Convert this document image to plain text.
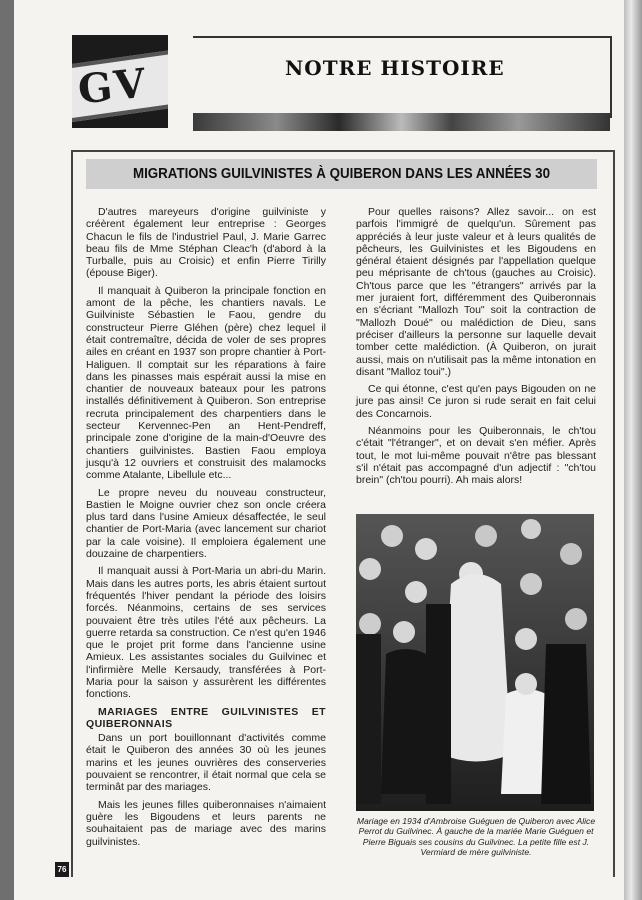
GV	NOTRE HISTOIRE
MIGRATIONS GUILVINISTES À QUIBERON DANS LES ANNÉES 30

D'autres mareyeurs d'origine guilviniste y créèrent également leur entreprise : Georges Chacun le fils de l'industriel Paul, J. Marie Garrec beau fils de Mme Stéphan Cleac'h (d'abord à la Turballe, puis au Croisic) et enfin Pierre Tirilly (épouse Biger).

Il manquait à Quiberon la principale fonction en amont de la pêche, les chantiers navals. Le Guilviniste Sébastien le Faou, gendre du constructeur Pierre Gléhen (père) chez lequel il était contremaître, décida de voler de ses propres ailes en créant en 1937 son propre chantier à Port-Haliguen. Il comptait sur les réparations à faire dans les pinasses mais espérait aussi la mise en chantier de nouveaux bateaux pour les patrons installés définitivement à Quiberon. Son entreprise recruta principalement des charpentiers dans le secteur Kervennec-Pen an Hent-Pendreff, principale zone d'origine de la main-d'Oeuvre des chantiers guilvinistes. Bastien Faou employa jusqu'à 12 ouvriers et construisit des malamocks comme Atalante, Libellule etc...

Le propre neveu du nouveau constructeur, Bastien le Moigne ouvrier chez son oncle créera plus tard dans l'usine Amieux désaffectée, le seul chantier de Port-Maria (avec lancement sur chariot par la cale voisine). Il emploiera également une douzaine de charpentiers.

Il manquait aussi à Port-Maria un abri-du Marin. Mais dans les autres ports, les abris étaient surtout fréquentés l'hiver pendant la période des loisirs forcés. Néanmoins, certains de ses services pouvaient être très utiles l'été aux pêcheurs. La guerre retarda sa construction. Ce n'est qu'en 1946 que le projet prit forme dans l'ancienne usine Amieux. Les assistantes sociales du Guilvinec et l'infirmière Melle Kersaudy, transférées à Port-Maria pour la saison y assurèrent les différentes fonctions.

MARIAGES ENTRE GUILVINISTES ET QUIBERONNAIS

Dans un port bouillonnant d'activités comme était le Quiberon des années 30 où les jeunes marins et les jeunes ouvrières des conserveries pouvaient se rencontrer, il était normal que cela se terminât par des mariages.

Mais les jeunes filles quiberonnaises n'aimaient guère les Bigoudens et leurs parents ne souhaitaient pas de mariage avec des marins guilvinistes.

Pour quelles raisons? Allez savoir... on est parfois l'immigré de quelqu'un. Sûrement pas appréciés à leur juste valeur et à leurs qualités de pêcheurs, les Guilvinistes et les Bigoudens en général étaient désignés par l'appellation quelque peu méprisante de ch'tous (gauches au Croisic). Ch'tous parce que les "étrangers" arrivés par la mer juraient fort, différemment des Quiberonnais en s'écriant "Mallozh Tou" soit la contraction de "Mallozh Doué" ou malédiction de Dieu, sans préciser d'ailleurs la personne sur laquelle devait tomber cette malédiction. (À Quiberon, on jurait aussi, mais on n'utilisait pas la même intonation en disant "Malloz toui".)

Ce qui étonne, c'est qu'en pays Bigouden on ne jure pas ainsi! Ce juron si rude serait en fait celui des Concarnois.

Néanmoins pour les Quiberonnais, le ch'tou c'était "l'étranger", et on devait s'en méfier. Après tout, le mot lui-même pouvait n'être pas blessant s'il n'était pas accompagné d'un adjectif : "ch'tou brein" (ch'tou pourri). Ah mais alors!

Mariage en 1934 d'Ambroise Guéguen de Quiberon avec Alice Perrot du Guilvinec. À gauche de la mariée Marie Guéguen et Pierre Biguais ses cousins du Guilvinec. La petite fille est J. Vermiard de mère guilviniste.
76
